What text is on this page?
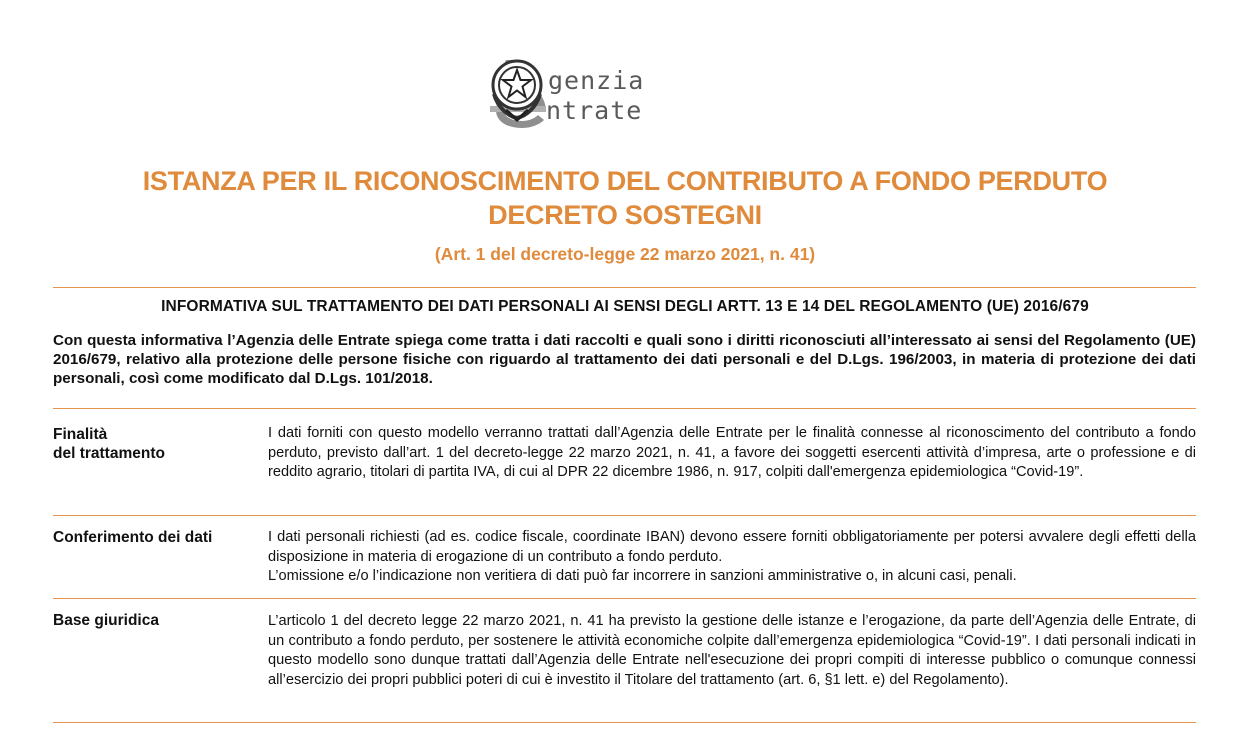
genzia
ntrate
ISTANZA PER IL RICONOSCIMENTO DEL CONTRIBUTO A FONDO PERDUTO
DECRETO SOSTEGNI
(Art. 1 del decreto-legge 22 marzo 2021, n. 41)
INFORMATIVA SUL TRATTAMENTO DEI DATI PERSONALI AI SENSI DEGLI ARTT. 13 E 14 DEL REGOLAMENTO (UE) 2016/679
Con questa informativa l’Agenzia delle Entrate spiega come tratta i dati raccolti e quali sono i diritti riconosciuti all’interessato ai sensi del Regolamento (UE) 2016/679, relativo alla protezione delle persone fisiche con riguardo al trattamento dei dati personali e del D.Lgs. 196/2003, in materia di protezione dei dati personali, così come modificato dal D.Lgs. 101/2018.
Finalità
del trattamento
I dati forniti con questo modello verranno trattati dall’Agenzia delle Entrate per le finalità connesse al riconoscimento del contributo a fondo perduto, previsto dall’art. 1 del decreto-legge 22 marzo 2021, n. 41, a favore dei soggetti esercenti attività d’impresa, arte o professione e di reddito agrario, titolari di partita IVA, di cui al DPR 22 dicembre 1986, n. 917, colpiti dall'emergenza epidemiologica “Covid-19”.
Conferimento dei dati	I dati personali richiesti (ad es. codice fiscale, coordinate IBAN) devono essere forniti obbligatoriamente per potersi avvalere degli effetti della disposizione in materia di erogazione di un contributo a fondo perduto.
L’omissione e/o l’indicazione non veritiera di dati può far incorrere in sanzioni amministrative o, in alcuni casi, penali.
Base giuridica	L’articolo 1 del decreto legge 22 marzo 2021, n. 41 ha previsto la gestione delle istanze e l’erogazione, da parte dell’Agenzia delle Entrate, di un contributo a fondo perduto, per sostenere le attività economiche colpite dall’emergenza epidemiologica “Covid-19”. I dati personali indicati in questo modello sono dunque trattati dall’Agenzia delle Entrate nell'esecuzione dei propri compiti di interesse pubblico o comunque connessi all’esercizio dei propri pubblici poteri di cui è investito il Titolare del trattamento (art. 6, §1 lett. e) del Regolamento).
